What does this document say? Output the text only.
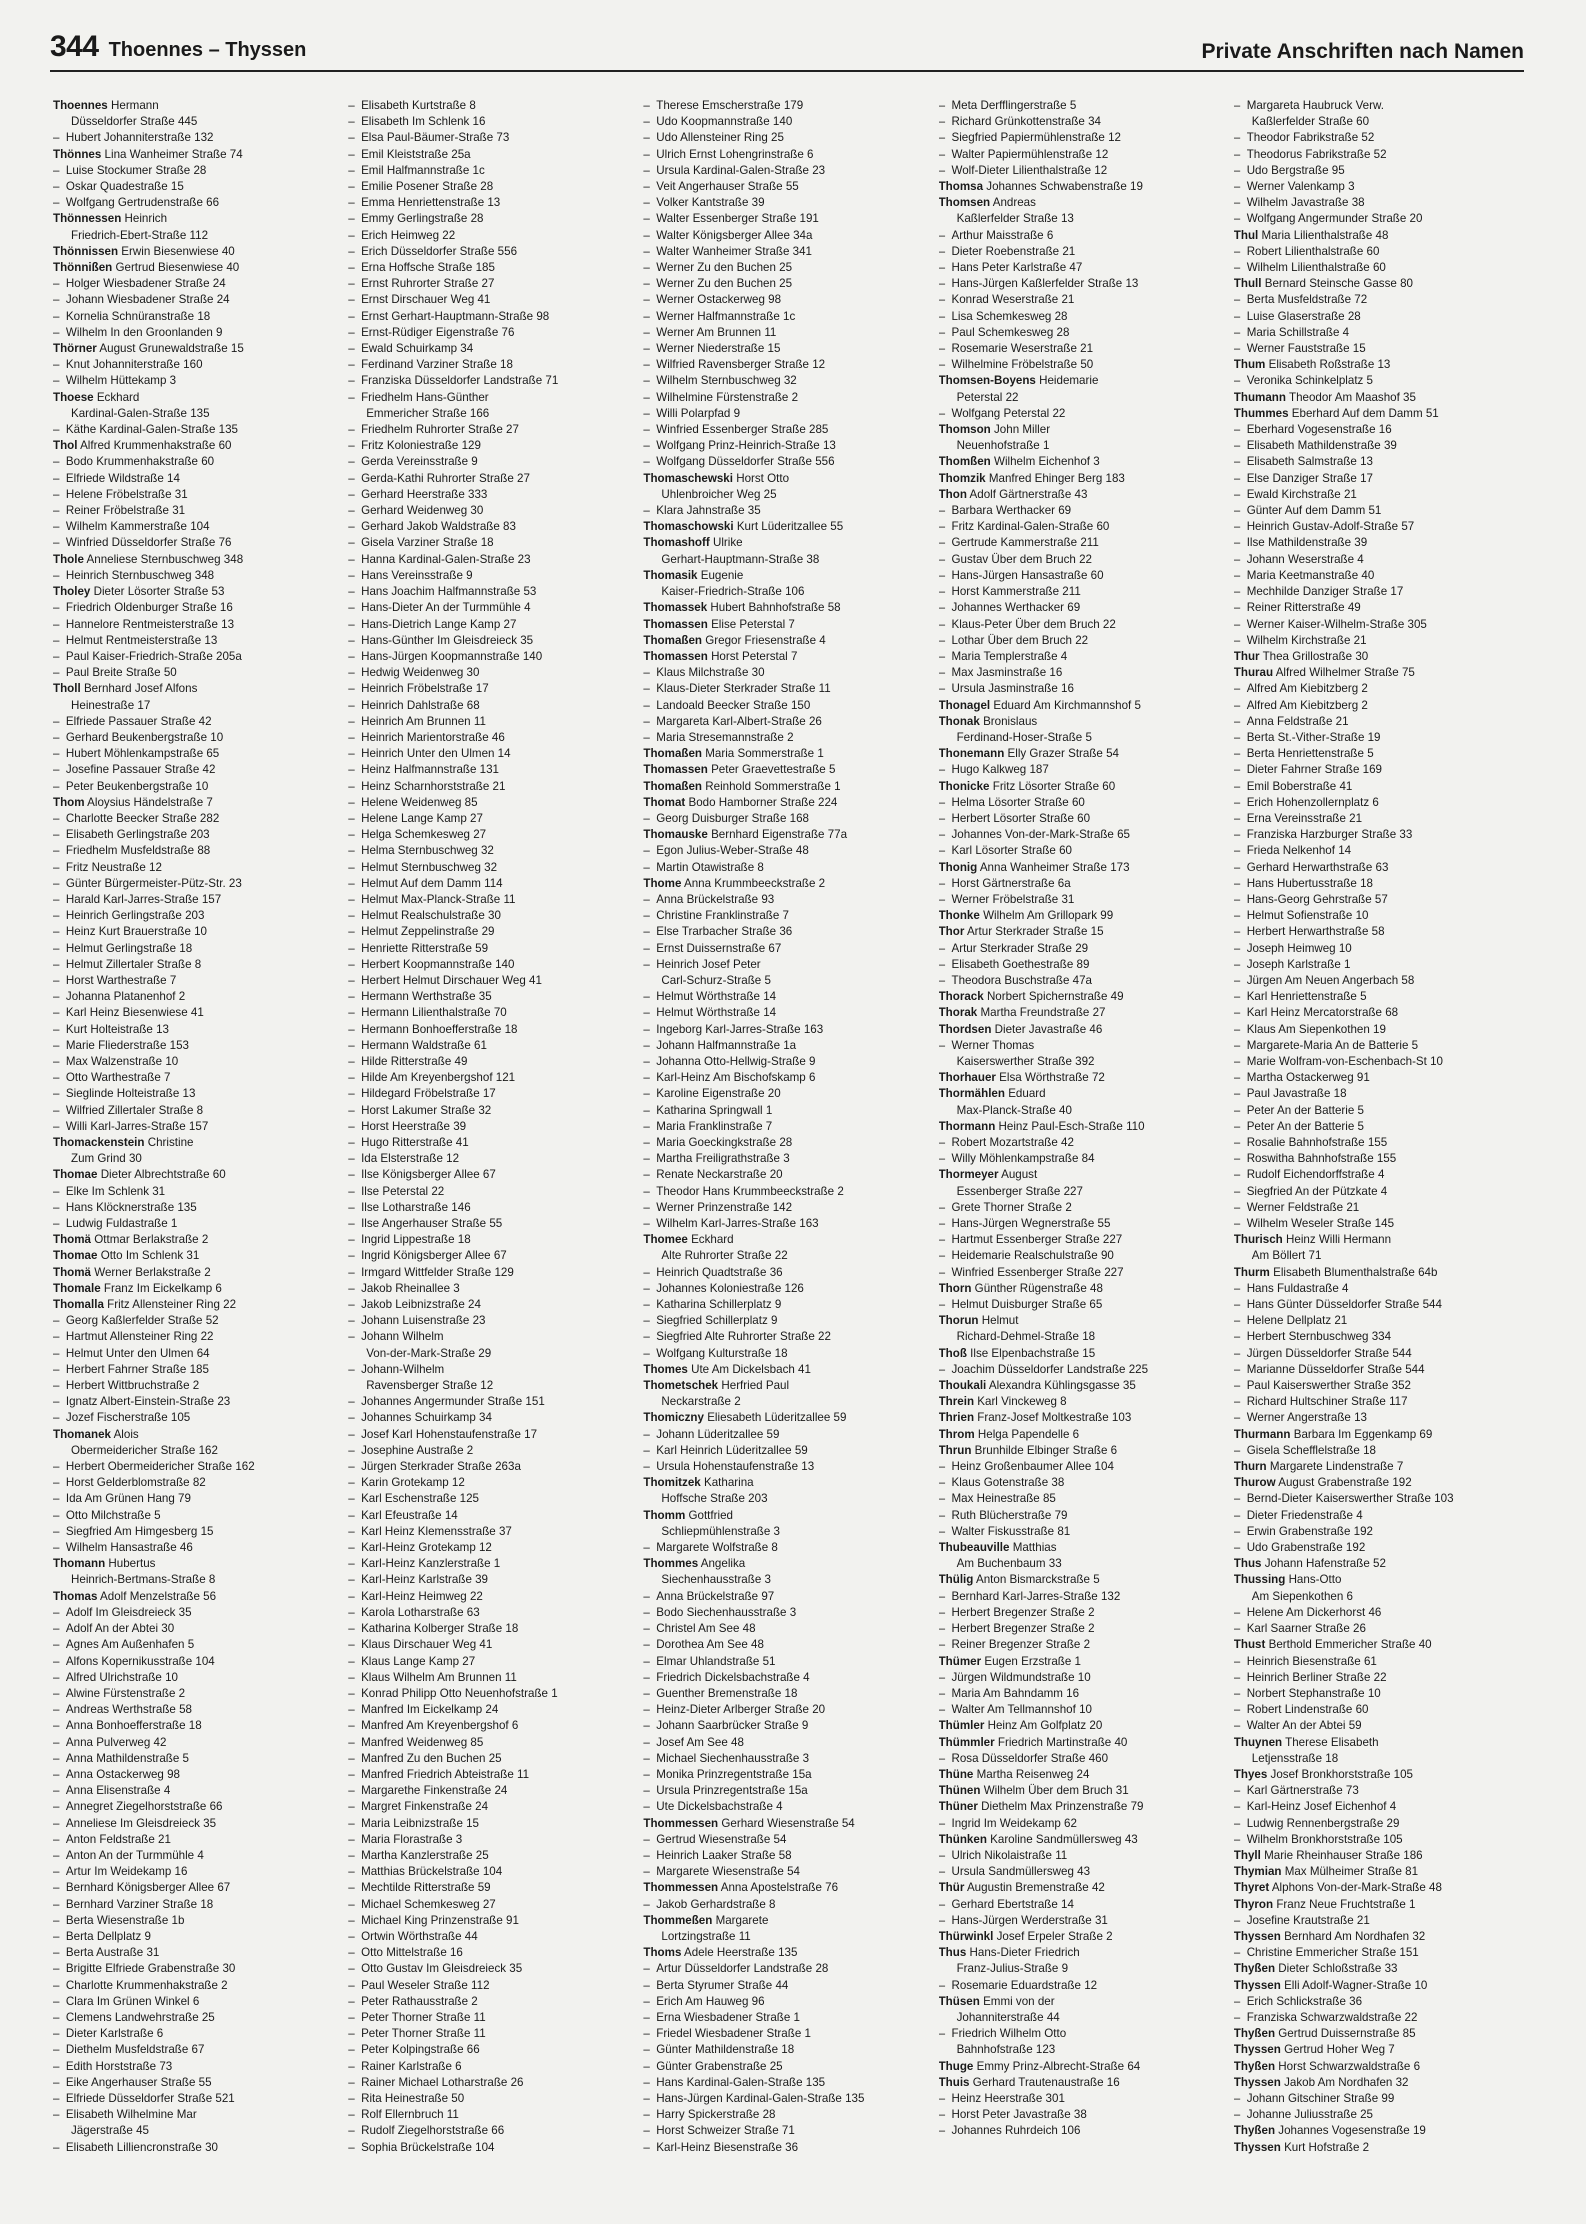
344 Thoennes – Thyssen	Private Anschriften nach Namen
Thoennes Hermann
Düsseldorfer Straße 445
–  Hubert Johanniterstraße 132
Thönnes Lina Wanheimer Straße 74
–  Luise Stockumer Straße 28
–  Oskar Quadestraße 15
–  Wolfgang Gertrudenstraße 66
Thönnessen Heinrich
Friedrich-Ebert-Straße 112
Thönnissen Erwin Biesenwiese 40
Thönnißen Gertrud Biesenwiese 40
–  Holger Wiesbadener Straße 24
–  Johann Wiesbadener Straße 24
–  Kornelia Schnüranstraße 18
–  Wilhelm In den Groonlanden 9
Thörner August Grunewaldstraße 15
–  Knut Johanniterstraße 160
–  Wilhelm Hüttekamp 3
Thoese Eckhard
Kardinal-Galen-Straße 135
–  Käthe Kardinal-Galen-Straße 135
Thol Alfred Krummenhakstraße 60
–  Bodo Krummenhakstraße 60
–  Elfriede Wildstraße 14
–  Helene Fröbelstraße 31
–  Reiner Fröbelstraße 31
–  Wilhelm Kammerstraße 104
–  Winfried Düsseldorfer Straße 76
Thole Anneliese Sternbuschweg 348
–  Heinrich Sternbuschweg 348
Tholey Dieter Lösorter Straße 53
–  Friedrich Oldenburger Straße 16
–  Hannelore Rentmeisterstraße 13
–  Helmut Rentmeisterstraße 13
–  Paul Kaiser-Friedrich-Straße 205a
–  Paul Breite Straße 50
Tholl Bernhard Josef Alfons
Heinestraße 17
–  Elfriede Passauer Straße 42
–  Gerhard Beukenbergstraße 10
–  Hubert Möhlenkampstraße 65
–  Josefine Passauer Straße 42
–  Peter Beukenbergstraße 10
Thom Aloysius Händelstraße 7
–  Charlotte Beecker Straße 282
–  Elisabeth Gerlingstraße 203
–  Friedhelm Musfeldstraße 88
–  Fritz Neustraße 12
–  Günter Bürgermeister-Pütz-Str. 23
–  Harald Karl-Jarres-Straße 157
–  Heinrich Gerlingstraße 203
–  Heinz Kurt Brauerstraße 10
–  Helmut Gerlingstraße 18
–  Helmut Zillertaler Straße 8
–  Horst Warthestraße 7
–  Johanna Platanenhof 2
–  Karl Heinz Biesenwiese 41
–  Kurt Holteistraße 13
–  Marie Fliederstraße 153
–  Max Walzenstraße 10
–  Otto Warthestraße 7
–  Sieglinde Holteistraße 13
–  Wilfried Zillertaler Straße 8
–  Willi Karl-Jarres-Straße 157
Thomackenstein Christine
Zum Grind 30
Thomae Dieter Albrechtstraße 60
–  Elke Im Schlenk 31
–  Hans Klöcknerstraße 135
–  Ludwig Fuldastraße 1
Thomä Ottmar Berlakstraße 2
Thomae Otto Im Schlenk 31
Thomä Werner Berlakstraße 2
Thomale Franz Im Eickelkamp 6
Thomalla Fritz Allensteiner Ring 22
–  Georg Kaßlerfelder Straße 52
–  Hartmut Allensteiner Ring 22
–  Helmut Unter den Ulmen 64
–  Herbert Fahrner Straße 185
–  Herbert Wittbruchstraße 2
–  Ignatz Albert-Einstein-Straße 23
–  Jozef Fischerstraße 105
Thomanek Alois
Obermeidericher Straße 162
–  Herbert Obermeidericher Straße 162
–  Horst Gelderblomstraße 82
–  Ida Am Grünen Hang 79
–  Otto Milchstraße 5
–  Siegfried Am Himgesberg 15
–  Wilhelm Hansastraße 46
Thomann Hubertus
Heinrich-Bertmans-Straße 8
Thomas Adolf Menzelstraße 56
–  Adolf Im Gleisdreieck 35
–  Adolf An der Abtei 30
–  Agnes Am Außenhafen 5
–  Alfons Kopernikusstraße 104
–  Alfred Ulrichstraße 10
–  Alwine Fürstenstraße 2
–  Andreas Werthstraße 58
–  Anna Bonhoefferstraße 18
–  Anna Pulverweg 42
–  Anna Mathildenstraße 5
–  Anna Ostackerweg 98
–  Anna Elisenstraße 4
–  Annegret Ziegelhorststraße 66
–  Anneliese Im Gleisdreieck 35
–  Anton Feldstraße 21
–  Anton An der Turmmühle 4
–  Artur Im Weidekamp 16
–  Bernhard Königsberger Allee 67
–  Bernhard Varziner Straße 18
–  Berta Wiesenstraße 1b
–  Berta Dellplatz 9
–  Berta Austraße 31
–  Brigitte Elfriede Grabenstraße 30
–  Charlotte Krummenhakstraße 2
–  Clara Im Grünen Winkel 6
–  Clemens Landwehrstraße 25
–  Dieter Karlstraße 6
–  Diethelm Musfeldstraße 67
–  Edith Horststraße 73
–  Eike Angerhauser Straße 55
–  Elfriede Düsseldorfer Straße 521
–  Elisabeth Wilhelmine Mar
Jägerstraße 45
–  Elisabeth Lilliencronstraße 30
–  Elisabeth Kurtstraße 8
–  Elisabeth Im Schlenk 16
–  Elsa Paul-Bäumer-Straße 73
–  Emil Kleiststraße 25a
–  Emil Halfmannstraße 1c
–  Emilie Posener Straße 28
–  Emma Henriettenstraße 13
–  Emmy Gerlingstraße 28
–  Erich Heimweg 22
–  Erich Düsseldorfer Straße 556
–  Erna Hoffsche Straße 185
–  Ernst Ruhrorter Straße 27
–  Ernst Dirschauer Weg 41
–  Ernst Gerhart-Hauptmann-Straße 98
–  Ernst-Rüdiger Eigenstraße 76
–  Ewald Schuirkamp 34
–  Ferdinand Varziner Straße 18
–  Franziska Düsseldorfer Landstraße 71
–  Friedhelm Hans-Günther
Emmericher Straße 166
–  Friedhelm Ruhrorter Straße 27
–  Fritz Koloniestraße 129
–  Gerda Vereinsstraße 9
–  Gerda-Kathi Ruhrorter Straße 27
–  Gerhard Heerstraße 333
–  Gerhard Weidenweg 30
–  Gerhard Jakob Waldstraße 83
–  Gisela Varziner Straße 18
–  Hanna Kardinal-Galen-Straße 23
–  Hans Vereinsstraße 9
–  Hans Joachim Halfmannstraße 53
–  Hans-Dieter An der Turmmühle 4
–  Hans-Dietrich Lange Kamp 27
–  Hans-Günther Im Gleisdreieck 35
–  Hans-Jürgen Koopmannstraße 140
–  Hedwig Weidenweg 30
–  Heinrich Fröbelstraße 17
–  Heinrich Dahlstraße 68
–  Heinrich Am Brunnen 11
–  Heinrich Marientorstraße 46
–  Heinrich Unter den Ulmen 14
–  Heinz Halfmannstraße 131
–  Heinz Scharnhorststraße 21
–  Helene Weidenweg 85
–  Helene Lange Kamp 27
–  Helga Schemkesweg 27
–  Helma Sternbuschweg 32
–  Helmut Sternbuschweg 32
–  Helmut Auf dem Damm 114
–  Helmut Max-Planck-Straße 11
–  Helmut Realschulstraße 30
–  Helmut Zeppelinstraße 29
–  Henriette Ritterstraße 59
–  Herbert Koopmannstraße 140
–  Herbert Helmut Dirschauer Weg 41
–  Hermann Werthstraße 35
–  Hermann Lilienthalstraße 70
–  Hermann Bonhoefferstraße 18
–  Hermann Waldstraße 61
–  Hilde Ritterstraße 49
–  Hilde Am Kreyenbergshof 121
–  Hildegard Fröbelstraße 17
–  Horst Lakumer Straße 32
–  Horst Heerstraße 39
–  Hugo Ritterstraße 41
–  Ida Elsterstraße 12
–  Ilse Königsberger Allee 67
–  Ilse Peterstal 22
–  Ilse Lotharstraße 146
–  Ilse Angerhauser Straße 55
–  Ingrid Lippestraße 18
–  Ingrid Königsberger Allee 67
–  Irmgard Wittfelder Straße 129
–  Jakob Rheinallee 3
–  Jakob Leibnizstraße 24
–  Johann Luisenstraße 23
–  Johann Wilhelm
Von-der-Mark-Straße 29
–  Johann-Wilhelm
Ravensberger Straße 12
–  Johannes Angermunder Straße 151
–  Johannes Schuirkamp 34
–  Josef Karl Hohenstaufenstraße 17
–  Josephine Austraße 2
–  Jürgen Sterkrader Straße 263a
–  Karin Grotekamp 12
–  Karl Eschenstraße 125
–  Karl Efeustraße 14
–  Karl Heinz Klemensstraße 37
–  Karl-Heinz Grotekamp 12
–  Karl-Heinz Kanzlerstraße 1
–  Karl-Heinz Karlstraße 39
–  Karl-Heinz Heimweg 22
–  Karola Lotharstraße 63
–  Katharina Kolberger Straße 18
–  Klaus Dirschauer Weg 41
–  Klaus Lange Kamp 27
–  Klaus Wilhelm Am Brunnen 11
–  Konrad Philipp Otto Neuenhofstraße 1
–  Manfred Im Eickelkamp 24
–  Manfred Am Kreyenbergshof 6
–  Manfred Weidenweg 85
–  Manfred Zu den Buchen 25
–  Manfred Friedrich Abteistraße 11
–  Margarethe Finkenstraße 24
–  Margret Finkenstraße 24
–  Maria Leibnizstraße 15
–  Maria Florastraße 3
–  Martha Kanzlerstraße 25
–  Matthias Brückelstraße 104
–  Mechtilde Ritterstraße 59
–  Michael Schemkesweg 27
–  Michael King Prinzenstraße 91
–  Ortwin Wörthstraße 44
–  Otto Mittelstraße 16
–  Otto Gustav Im Gleisdreieck 35
–  Paul Weseler Straße 112
–  Peter Rathausstraße 2
–  Peter Thorner Straße 11
–  Peter Thorner Straße 11
–  Peter Kolpingstraße 66
–  Rainer Karlstraße 6
–  Rainer Michael Lotharstraße 26
–  Rita Heinestraße 50
–  Rolf Ellernbruch 11
–  Rudolf Ziegelhorststraße 66
–  Sophia Brückelstraße 104
–  Therese Emscherstraße 179
–  Udo Koopmannstraße 140
–  Udo Allensteiner Ring 25
–  Ulrich Ernst Lohengrinstraße 6
–  Ursula Kardinal-Galen-Straße 23
–  Veit Angerhauser Straße 55
–  Volker Kantstraße 39
–  Walter Essenberger Straße 191
–  Walter Königsberger Allee 34a
–  Walter Wanheimer Straße 341
–  Werner Zu den Buchen 25
–  Werner Zu den Buchen 25
–  Werner Ostackerweg 98
–  Werner Halfmannstraße 1c
–  Werner Am Brunnen 11
–  Werner Niederstraße 15
–  Wilfried Ravensberger Straße 12
–  Wilhelm Sternbuschweg 32
–  Wilhelmine Fürstenstraße 2
–  Willi Polarpfad 9
–  Winfried Essenberger Straße 285
–  Wolfgang Prinz-Heinrich-Straße 13
–  Wolfgang Düsseldorfer Straße 556
Thomaschewski Horst Otto
Uhlenbroicher Weg 25
–  Klara Jahnstraße 35
Thomaschowski Kurt Lüderitzallee 55
Thomashoff Ulrike
Gerhart-Hauptmann-Straße 38
Thomasik Eugenie
Kaiser-Friedrich-Straße 106
Thomassek Hubert Bahnhofstraße 58
Thomassen Elise Peterstal 7
Thomaßen Gregor Friesenstraße 4
Thomassen Horst Peterstal 7
–  Klaus Milchstraße 30
–  Klaus-Dieter Sterkrader Straße 11
–  Landoald Beecker Straße 150
–  Margareta Karl-Albert-Straße 26
–  Maria Stresemannstraße 2
Thomaßen Maria Sommerstraße 1
Thomassen Peter Graevettestraße 5
Thomaßen Reinhold Sommerstraße 1
Thomat Bodo Hamborner Straße 224
–  Georg Duisburger Straße 168
Thomauske Bernhard Eigenstraße 77a
–  Egon Julius-Weber-Straße 48
–  Martin Otawistraße 8
Thome Anna Krummbeeckstraße 2
–  Anna Brückelstraße 93
–  Christine Franklinstraße 7
–  Else Trarbacher Straße 36
–  Ernst Duissernstraße 67
–  Heinrich Josef Peter
Carl-Schurz-Straße 5
–  Helmut Wörthstraße 14
–  Helmut Wörthstraße 14
–  Ingeborg Karl-Jarres-Straße 163
–  Johann Halfmannstraße 1a
–  Johanna Otto-Hellwig-Straße 9
–  Karl-Heinz Am Bischofskamp 6
–  Karoline Eigenstraße 20
–  Katharina Springwall 1
–  Maria Franklinstraße 7
–  Maria Goeckingkstraße 28
–  Martha Freiligrathstraße 3
–  Renate Neckarstraße 20
–  Theodor Hans Krummbeeckstraße 2
–  Werner Prinzenstraße 142
–  Wilhelm Karl-Jarres-Straße 163
Thomee Eckhard
Alte Ruhrorter Straße 22
–  Heinrich Quadtstraße 36
–  Johannes Koloniestraße 126
–  Katharina Schillerplatz 9
–  Siegfried Schillerplatz 9
–  Siegfried Alte Ruhrorter Straße 22
–  Wolfgang Kulturstraße 18
Thomes Ute Am Dickelsbach 41
Thometschek Herfried Paul
Neckarstraße 2
Thomiczny Eliesabeth Lüderitzallee 59
–  Johann Lüderitzallee 59
–  Karl Heinrich Lüderitzallee 59
–  Ursula Hohenstaufenstraße 13
Thomitzek Katharina
Hoffsche Straße 203
Thomm Gottfried
Schliepmühlenstraße 3
–  Margarete Wolfstraße 8
Thommes Angelika
Siechenhausstraße 3
–  Anna Brückelstraße 97
–  Bodo Siechenhausstraße 3
–  Christel Am See 48
–  Dorothea Am See 48
–  Elmar Uhlandstraße 51
–  Friedrich Dickelsbachstraße 4
–  Guenther Bremenstraße 18
–  Heinz-Dieter Arlberger Straße 20
–  Johann Saarbrücker Straße 9
–  Josef Am See 48
–  Michael Siechenhausstraße 3
–  Monika Prinzregentstraße 15a
–  Ursula Prinzregentstraße 15a
–  Ute Dickelsbachstraße 4
Thommessen Gerhard Wiesenstraße 54
–  Gertrud Wiesenstraße 54
–  Heinrich Laaker Straße 58
–  Margarete Wiesenstraße 54
Thommessen Anna Apostelstraße 76
–  Jakob Gerhardstraße 8
Thommeßen Margarete
Lortzingstraße 11
Thoms Adele Heerstraße 135
–  Artur Düsseldorfer Landstraße 28
–  Berta Styrumer Straße 44
–  Erich Am Hauweg 96
–  Erna Wiesbadener Straße 1
–  Friedel Wiesbadener Straße 1
–  Günter Mathildenstraße 18
–  Günter Grabenstraße 25
–  Hans Kardinal-Galen-Straße 135
–  Hans-Jürgen Kardinal-Galen-Straße 135
–  Harry Spickerstraße 28
–  Horst Schweizer Straße 71
–  Karl-Heinz Biesenstraße 36
–  Meta Derfflingerstraße 5
–  Richard Grünkottenstraße 34
–  Siegfried Papiermühlenstraße 12
–  Walter Papiermühlenstraße 12
–  Wolf-Dieter Lilienthalstraße 12
Thomsa Johannes Schwabenstraße 19
Thomsen Andreas
Kaßlerfelder Straße 13
–  Arthur Maisstraße 6
–  Dieter Roebenstraße 21
–  Hans Peter Karlstraße 47
–  Hans-Jürgen Kaßlerfelder Straße 13
–  Konrad Weserstraße 21
–  Lisa Schemkesweg 28
–  Paul Schemkesweg 28
–  Rosemarie Weserstraße 21
–  Wilhelmine Fröbelstraße 50
Thomsen-Boyens Heidemarie
Peterstal 22
–  Wolfgang Peterstal 22
Thomson John Miller
Neuenhofstraße 1
Thomßen Wilhelm Eichenhof 3
Thomzik Manfred Ehinger Berg 183
Thon Adolf Gärtnerstraße 43
–  Barbara Werthacker 69
–  Fritz Kardinal-Galen-Straße 60
–  Gertrude Kammerstraße 211
–  Gustav Über dem Bruch 22
–  Hans-Jürgen Hansastraße 60
–  Horst Kammerstraße 211
–  Johannes Werthacker 69
–  Klaus-Peter Über dem Bruch 22
–  Lothar Über dem Bruch 22
–  Maria Templerstraße 4
–  Max Jasminstraße 16
–  Ursula Jasminstraße 16
Thonagel Eduard Am Kirchmannshof 5
Thonak Bronislaus
Ferdinand-Hoser-Straße 5
Thonemann Elly Grazer Straße 54
–  Hugo Kalkweg 187
Thonicke Fritz Lösorter Straße 60
–  Helma Lösorter Straße 60
–  Herbert Lösorter Straße 60
–  Johannes Von-der-Mark-Straße 65
–  Karl Lösorter Straße 60
Thonig Anna Wanheimer Straße 173
–  Horst Gärtnerstraße 6a
–  Werner Fröbelstraße 31
Thonke Wilhelm Am Grillopark 99
Thor Artur Sterkrader Straße 15
–  Artur Sterkrader Straße 29
–  Elisabeth Goethestraße 89
–  Theodora Buschstraße 47a
Thorack Norbert Spichernstraße 49
Thorak Martha Freundstraße 27
Thordsen Dieter Javastraße 46
–  Werner Thomas
Kaiserswerther Straße 392
Thorhauer Elsa Wörthstraße 72
Thormählen Eduard
Max-Planck-Straße 40
Thormann Heinz Paul-Esch-Straße 110
–  Robert Mozartstraße 42
–  Willy Möhlenkampstraße 84
Thormeyer August
Essenberger Straße 227
–  Grete Thorner Straße 2
–  Hans-Jürgen Wegnerstraße 55
–  Hartmut Essenberger Straße 227
–  Heidemarie Realschulstraße 90
–  Winfried Essenberger Straße 227
Thorn Günther Rügenstraße 48
–  Helmut Duisburger Straße 65
Thorun Helmut
Richard-Dehmel-Straße 18
Thoß Ilse Elpenbachstraße 15
–  Joachim Düsseldorfer Landstraße 225
Thoukali Alexandra Kühlingsgasse 35
Threin Karl Vinckeweg 8
Thrien Franz-Josef Moltkestraße 103
Throm Helga Papendelle 6
Thrun Brunhilde Elbinger Straße 6
–  Heinz Großenbaumer Allee 104
–  Klaus Gotenstraße 38
–  Max Heinestraße 85
–  Ruth Blücherstraße 79
–  Walter Fiskusstraße 81
Thubeauville Matthias
Am Buchenbaum 33
Thülig Anton Bismarckstraße 5
–  Bernhard Karl-Jarres-Straße 132
–  Herbert Bregenzer Straße 2
–  Herbert Bregenzer Straße 2
–  Reiner Bregenzer Straße 2
Thümer Eugen Erzstraße 1
–  Jürgen Wildmundstraße 10
–  Maria Am Bahndamm 16
–  Walter Am Tellmannshof 10
Thümler Heinz Am Golfplatz 20
Thümmler Friedrich Martinstraße 40
–  Rosa Düsseldorfer Straße 460
Thüne Martha Reisenweg 24
Thünen Wilhelm Über dem Bruch 31
Thüner Diethelm Max Prinzenstraße 79
–  Ingrid Im Weidekamp 62
Thünken Karoline Sandmüllersweg 43
–  Ulrich Nikolaistraße 11
–  Ursula Sandmüllersweg 43
Thür Augustin Bremenstraße 42
–  Gerhard Ebertstraße 14
–  Hans-Jürgen Werderstraße 31
Thürwinkl Josef Erpeler Straße 2
Thus Hans-Dieter Friedrich
Franz-Julius-Straße 9
–  Rosemarie Eduardstraße 12
Thüsen Emmi von der
Johanniterstraße 44
–  Friedrich Wilhelm Otto
Bahnhofstraße 123
Thuge Emmy Prinz-Albrecht-Straße 64
Thuis Gerhard Trautenaustraße 16
–  Heinz Heerstraße 301
–  Horst Peter Javastraße 38
–  Johannes Ruhrdeich 106
–  Margareta Haubruck Verw.
Kaßlerfelder Straße 60
–  Theodor Fabrikstraße 52
–  Theodorus Fabrikstraße 52
–  Udo Bergstraße 95
–  Werner Valenkamp 3
–  Wilhelm Javastraße 38
–  Wolfgang Angermunder Straße 20
Thul Maria Lilienthalstraße 48
–  Robert Lilienthalstraße 60
–  Wilhelm Lilienthalstraße 60
Thull Bernard Steinsche Gasse 80
–  Berta Musfeldstraße 72
–  Luise Glaserstraße 28
–  Maria Schillstraße 4
–  Werner Fauststraße 15
Thum Elisabeth Roßstraße 13
–  Veronika Schinkelplatz 5
Thumann Theodor Am Maashof 35
Thummes Eberhard Auf dem Damm 51
–  Eberhard Vogesenstraße 16
–  Elisabeth Mathildenstraße 39
–  Elisabeth Salmstraße 13
–  Else Danziger Straße 17
–  Ewald Kirchstraße 21
–  Günter Auf dem Damm 51
–  Heinrich Gustav-Adolf-Straße 57
–  Ilse Mathildenstraße 39
–  Johann Weserstraße 4
–  Maria Keetmanstraße 40
–  Mechhilde Danziger Straße 17
–  Reiner Ritterstraße 49
–  Werner Kaiser-Wilhelm-Straße 305
–  Wilhelm Kirchstraße 21
Thur Thea Grillostraße 30
Thurau Alfred Wilhelmer Straße 75
–  Alfred Am Kiebitzberg 2
–  Alfred Am Kiebitzberg 2
–  Anna Feldstraße 21
–  Berta St.-Vither-Straße 19
–  Berta Henriettenstraße 5
–  Dieter Fahrner Straße 169
–  Emil Boberstraße 41
–  Erich Hohenzollernplatz 6
–  Erna Vereinsstraße 21
–  Franziska Harzburger Straße 33
–  Frieda Nelkenhof 14
–  Gerhard Herwarthstraße 63
–  Hans Hubertusstraße 18
–  Hans-Georg Gehrstraße 57
–  Helmut Sofienstraße 10
–  Herbert Herwarthstraße 58
–  Joseph Heimweg 10
–  Joseph Karlstraße 1
–  Jürgen Am Neuen Angerbach 58
–  Karl Henriettenstraße 5
–  Karl Heinz Mercatorstraße 68
–  Klaus Am Siepenkothen 19
–  Margarete-Maria An de Batterie 5
–  Marie Wolfram-von-Eschenbach-St 10
–  Martha Ostackerweg 91
–  Paul Javastraße 18
–  Peter An der Batterie 5
–  Peter An der Batterie 5
–  Rosalie Bahnhofstraße 155
–  Roswitha Bahnhofstraße 155
–  Rudolf Eichendorffstraße 4
–  Siegfried An der Pützkate 4
–  Werner Feldstraße 21
–  Wilhelm Weseler Straße 145
Thurisch Heinz Willi Hermann
Am Böllert 71
Thurm Elisabeth Blumenthalstraße 64b
–  Hans Fuldastraße 4
–  Hans Günter Düsseldorfer Straße 544
–  Helene Dellplatz 21
–  Herbert Sternbuschweg 334
–  Jürgen Düsseldorfer Straße 544
–  Marianne Düsseldorfer Straße 544
–  Paul Kaiserswerther Straße 352
–  Richard Hultschiner Straße 117
–  Werner Angerstraße 13
Thurmann Barbara Im Eggenkamp 69
–  Gisela Schefflelstraße 18
Thurn Margarete Lindenstraße 7
Thurow August Grabenstraße 192
–  Bernd-Dieter Kaiserswerther Straße 103
–  Dieter Friedenstraße 4
–  Erwin Grabenstraße 192
–  Udo Grabenstraße 192
Thus Johann Hafenstraße 52
Thussing Hans-Otto
Am Siepenkothen 6
–  Helene Am Dickerhorst 46
–  Karl Saarner Straße 26
Thust Berthold Emmericher Straße 40
–  Heinrich Biesenstraße 61
–  Heinrich Berliner Straße 22
–  Norbert Stephanstraße 10
–  Robert Lindenstraße 60
–  Walter An der Abtei 59
Thuynen Therese Elisabeth
Letjensstraße 18
Thyes Josef Bronkhorststraße 105
–  Karl Gärtnerstraße 73
–  Karl-Heinz Josef Eichenhof 4
–  Ludwig Rennenbergstraße 29
–  Wilhelm Bronkhorststraße 105
Thyll Marie Rheinhauser Straße 186
Thymian Max Mülheimer Straße 81
Thyret Alphons Von-der-Mark-Straße 48
Thyron Franz Neue Fruchtstraße 1
–  Josefine Krautstraße 21
Thyssen Bernhard Am Nordhafen 32
–  Christine Emmericher Straße 151
Thyßen Dieter Schloßstraße 33
Thyssen Elli Adolf-Wagner-Straße 10
–  Erich Schlickstraße 36
–  Franziska Schwarzwaldstraße 22
Thyßen Gertrud Duissernstraße 85
Thyssen Gertrud Hoher Weg 7
Thyßen Horst Schwarzwaldstraße 6
Thyssen Jakob Am Nordhafen 32
–  Johann Gitschiner Straße 99
–  Johanne Juliusstraße 25
Thyßen Johannes Vogesenstraße 19
Thyssen Kurt Hofstraße 2
